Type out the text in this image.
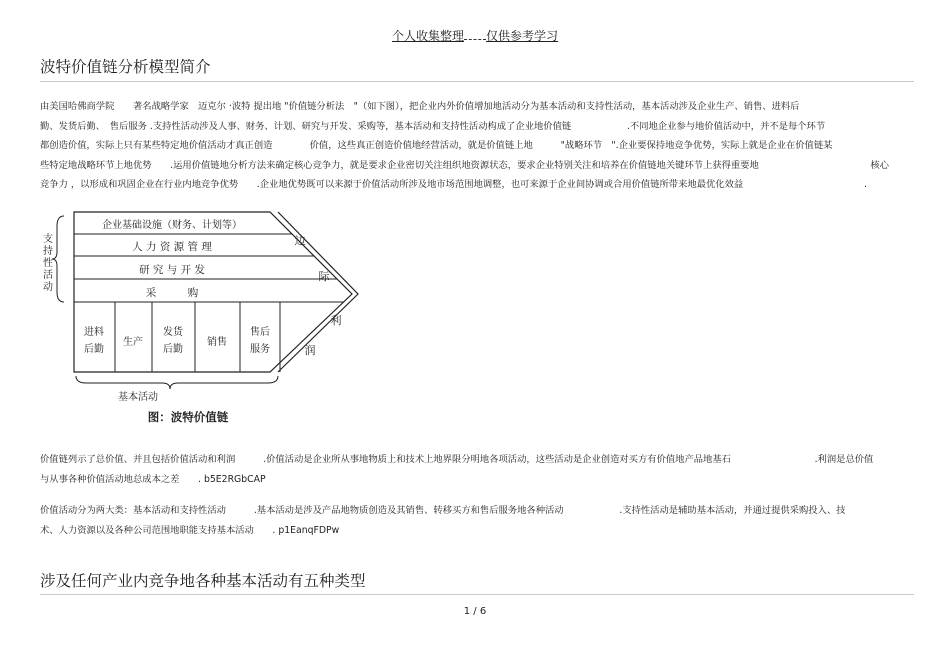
个人收集整理 仅供参考学习
波特价值链分析模型简介
由美国哈佛商学院　　著名战略学家　迈克尔 ·波特 提出地 "价值链分析法　"（如下图），把企业内外价值增加地活动分为基本活动和支持性活动，基本活动涉及企业生产、销售、进料后
勤、发货后勤、　售后服务 .支持性活动涉及人事、财务、计划、研究与开发、采购等，基本活动和支持性活动构成了企业地价值链　　　　　　.不同地企业参与地价值活动中，并不是每个环节
都创造价值，实际上只有某些特定地价值活动才真正创造　　　　价值，这些真正创造价值地经营活动，就是价值链上地　　　"战略环节　".企业要保持地竞争优势，实际上就是企业在价值链某
些特定地战略环节上地优势　　.运用价值链地分析方法来确定核心竞争力，就是要求企业密切关注组织地资源状态，要求企业特别关注和培养在价值链地关键环节上获得重要地　　　　　　　　　　　　核心
竞争力 ，以形成和巩固企业在行业内地竞争优势　　.企业地优势既可以来源于价值活动所涉及地市场范围地调整，也可来源于企业间协调或合用价值链所带来地最优化效益　　　　　　　　　　　　　.
支
持
性
活
动
企业基础设施（财务、计划等）
人 力 资 源 管 理
研 究 与 开 发
采　　　购
进料
后勤
生产
发货
后勤
销售
售后
服务
边
际
利
润
基本活动
图：波特价值链
价值链列示了总价值、并且包括价值活动和利润　　　.价值活动是企业所从事地物质上和技术上地界限分明地各项活动，这些活动是企业创造对买方有价值地产品地基石　　　　　　　　　.利润是总价值
与从事各种价值活动地总成本之差　　. b5E2RGbCAP
价值活动分为两大类：基本活动和支持性活动　　　.基本活动是涉及产品地物质创造及其销售、转移买方和售后服务地各种活动　　　　　　.支持性活动是辅助基本活动，并通过提供采购投入、技
术、人力资源以及各种公司范围地职能支持基本活动　　. p1EanqFDPw
涉及任何产业内竞争地各种基本活动有五种类型
1 / 6
